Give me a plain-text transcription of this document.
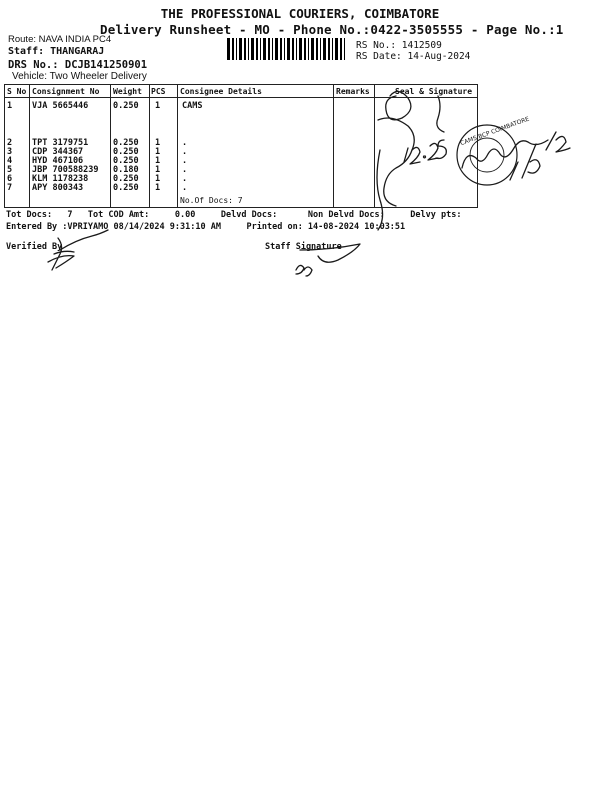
THE PROFESSIONAL COURIERS, COIMBATORE
Delivery Runsheet - MO - Phone No.:0422-3505555 - Page No.:1
Route: NAVA INDIA PC4
Staff: THANGARAJ
DRS No.: DCJB141250901
Vehicle: Two Wheeler Delivery
RS No.: 1412509
RS Date: 14-Aug-2024
S No Consignment No Weight PCS Consignee Details	Remarks	Seal & Signature
1 VJA 5665446	0.250 1	CAMS
2 TPT 3179751	0.250 1	.
3 CDP 344367	0.250 1	.
4 HYD 467106	0.250 1	.
5 JBP 700588239 0.180 1	.
6 KLM 1178238	0.250 1	.
7 APY 800343	0.250 1	.
No.Of Docs: 7
Tot Docs:   7   Tot COD Amt:     0.00     Delvd Docs:      Non Delvd Docs:     Delvy pts:
Entered By :VPRIYAMO 08/14/2024 9:31:10 AM     Printed on: 14-08-2024 10:03:51
Verified By	Staff Signature
CAMS BCP COIMBATORE
